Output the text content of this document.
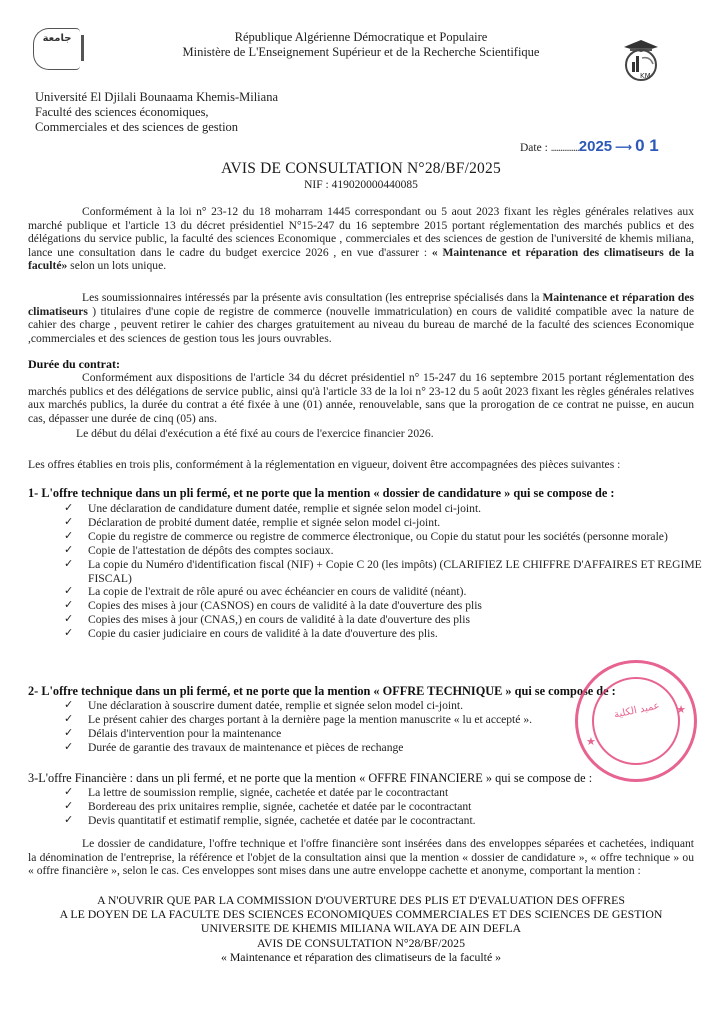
جامعة	République Algérienne Démocratique et Populaire
Ministère de L'Enseignement Supérieur et de la Recherche Scientifique
KM
Université El Djilali Bounaama Khemis-Miliana
Faculté des sciences économiques,
Commerciales et des sciences de gestion
Date : ...............2025 ⟶ 0 1
AVIS DE CONSULTATION N°28/BF/2025
NIF : 419020000440085
Conformément à la loi n° 23-12 du 18 moharram 1445 correspondant ou 5 aout 2023 fixant les règles générales relatives aux marché publique et l'article 13 du décret présidentiel N°15-247 du 16 septembre 2015 portant réglementation des marchés publics et des délégations du service public, la faculté des sciences Economique , commerciales et des sciences de gestion de l'université de khemis miliana, lance une consultation dans le cadre du budget exercice 2026 , en vue d'assurer : « Maintenance et réparation des climatiseurs de la faculté» selon un lots unique.
Les soumissionnaires intéressés par la présente avis consultation (les entreprise spécialisés dans la Maintenance et réparation des climatiseurs ) titulaires d'une copie de registre de commerce (nouvelle immatriculation) en cours de validité compatible avec la nature de cahier des charge , peuvent retirer le cahier des charges gratuitement au niveau du bureau de marché de la faculté des sciences Economique ,commerciales et des sciences de gestion tous les jours ouvrables.
Durée du contrat:
Conformément aux dispositions de l'article 34 du décret présidentiel n° 15-247 du 16 septembre 2015 portant réglementation des marchés publics et des délégations de service public, ainsi qu'à l'article 33 de la loi n° 23-12 du 5 août 2023 fixant les règles générales relatives aux marchés publics, la durée du contrat a été fixée à une (01) année, renouvelable, sans que la prorogation de ce contrat ne puisse, en aucun cas, dépasser une durée de cinq (05) ans.
Le début du délai d'exécution a été fixé au cours de l'exercice financier 2026.
Les offres établies en trois plis, conformément à la réglementation en vigueur, doivent être accompagnées des pièces suivantes :
1- L'offre technique dans un pli fermé, et ne porte que la mention « dossier de candidature » qui se compose de :
✓ Une déclaration de candidature dument datée, remplie et signée selon model ci-joint.
✓ Déclaration de probité dument datée, remplie et signée selon model ci-joint.
✓ Copie du registre de commerce ou registre de commerce électronique, ou Copie du statut pour les sociétés (personne morale)
✓ Copie de l'attestation de dépôts des comptes sociaux.
✓ La copie du Numéro d'identification fiscal (NIF) + Copie C 20 (les impôts) (CLARIFIEZ LE CHIFFRE D'AFFAIRES ET REGIME FISCAL)
✓ La copie de l'extrait de rôle apuré ou avec échéancier en cours de validité (néant).
✓ Copies des mises à jour (CASNOS) en cours de validité à la date d'ouverture des plis
✓ Copies des mises à jour (CNAS,) en cours de validité à la date d'ouverture des plis
✓ Copie du casier judiciaire en cours de validité à la date d'ouverture des plis.
2- L'offre technique dans un pli fermé, et ne porte que la mention « OFFRE TECHNIQUE » qui se compose de :
✓ Une déclaration à souscrire dument datée, remplie et signée selon model ci-joint.
✓ Le présent cahier des charges portant à la dernière page la mention manuscrite « lu et accepté ».
✓ Délais d'intervention pour la maintenance
✓ Durée de garantie des travaux de maintenance et pièces de rechange
3-L'offre Financière : dans un pli fermé, et ne porte que la mention « OFFRE FINANCIERE » qui se compose de :
✓ La lettre de soumission remplie, signée, cachetée et datée par le cocontractant
✓ Bordereau des prix unitaires remplie, signée, cachetée et datée par le cocontractant
✓ Devis quantitatif et estimatif remplie, signée, cachetée et datée par le cocontractant.
Le dossier de candidature, l'offre technique et l'offre financière sont insérées dans des enveloppes séparées et cachetées, indiquant la dénomination de l'entreprise, la référence et l'objet de la consultation ainsi que la mention « dossier de candidature », « offre technique » ou « offre financière », selon le cas. Ces enveloppes sont mises dans une autre enveloppe cachette et anonyme, comportant la mention :
A N'OUVRIR QUE PAR LA COMMISSION D'OUVERTURE DES PLIS ET D'EVALUATION DES OFFRES
A LE DOYEN DE LA FACULTE DES SCIENCES ECONOMIQUES COMMERCIALES ET DES SCIENCES DE GESTION
UNIVERSITE DE KHEMIS MILIANA WILAYA DE AIN DEFLA
AVIS DE CONSULTATION N°28/BF/2025
« Maintenance et réparation des climatiseurs de la faculté »
★
★
عميد الكلية
